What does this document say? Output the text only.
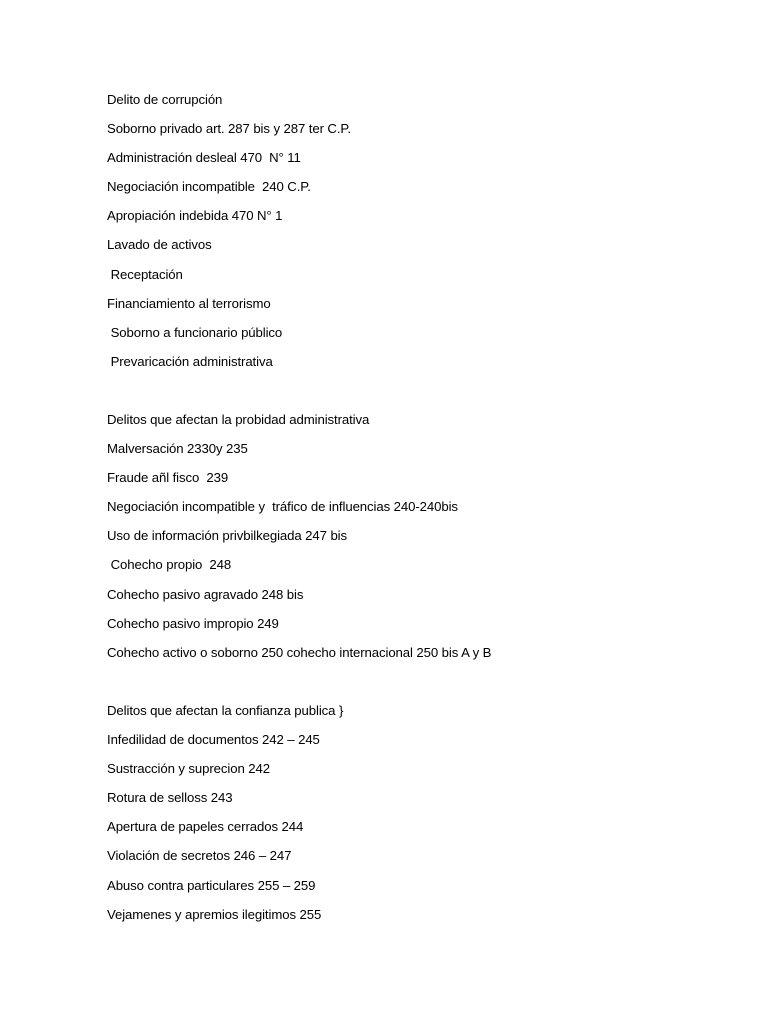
Delito de corrupción
Soborno privado art. 287 bis y 287 ter C.P.
Administración desleal 470  N° 11
Negociación incompatible  240 C.P.
Apropiación indebida 470 N° 1
Lavado de activos
Receptación
Financiamiento al terrorismo
Soborno a funcionario público
Prevaricación administrativa
Delitos que afectan la probidad administrativa
Malversación 2330y 235
Fraude añl fisco  239
Negociación incompatible y  tráfico de influencias 240-240bis
Uso de información privbilkegiada 247 bis
Cohecho propio  248
Cohecho pasivo agravado 248 bis
Cohecho pasivo impropio 249
Cohecho activo o soborno 250 cohecho internacional 250 bis A y B
Delitos que afectan la confianza publica }
Infedilidad de documentos 242 – 245
Sustracción y suprecion 242
Rotura de selloss 243
Apertura de papeles cerrados 244
Violación de secretos 246 – 247
Abuso contra particulares 255 – 259
Vejamenes y apremios ilegitimos 255
